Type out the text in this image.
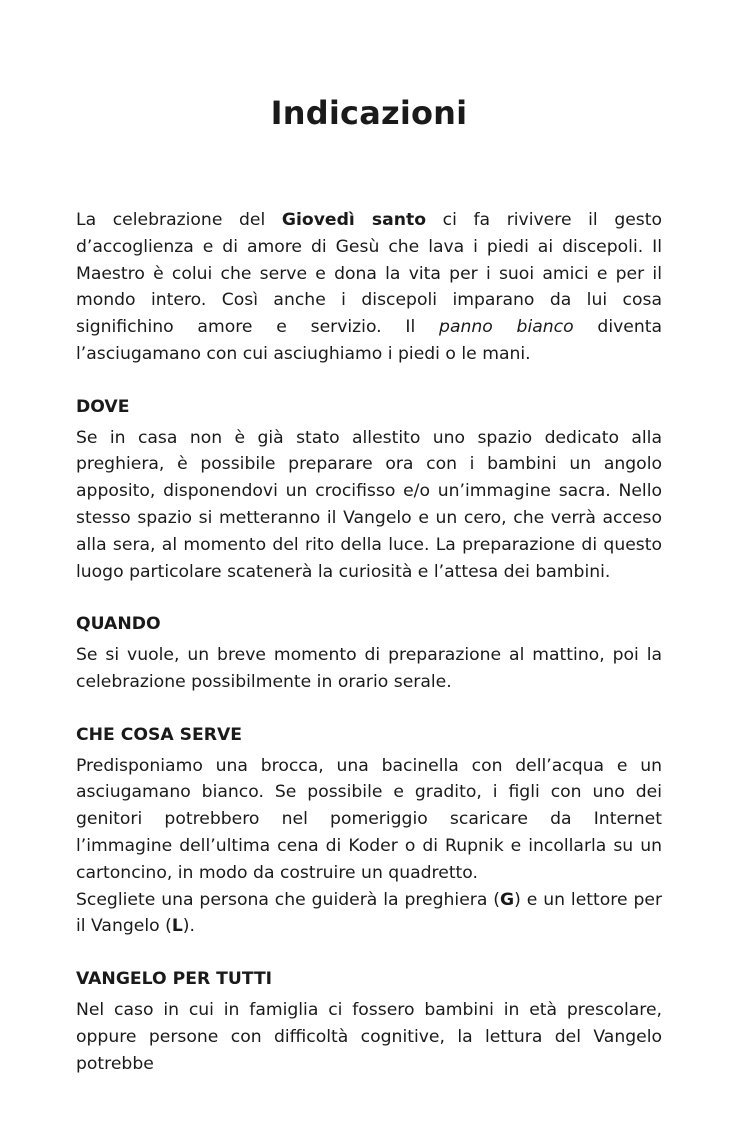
Indicazioni

La celebrazione del Giovedì santo ci fa rivivere il gesto d’accoglienza e di amore di Gesù che lava i piedi ai discepoli. Il Maestro è colui che serve e dona la vita per i suoi amici e per il mondo intero. Così anche i discepoli imparano da lui cosa significhino amore e servizio. Il panno bianco diventa l’asciugamano con cui asciughiamo i piedi o le mani.

DOVE

Se in casa non è già stato allestito uno spazio dedicato alla preghiera, è possibile preparare ora con i bambini un angolo apposito, disponendovi un crocifisso e/o un’immagine sacra. Nello stesso spazio si metteranno il Vangelo e un cero, che verrà acceso alla sera, al momento del rito della luce. La preparazione di questo luogo particolare scatenerà la curiosità e l’attesa dei bambini.

QUANDO

Se si vuole, un breve momento di preparazione al mattino, poi la celebrazione possibilmente in orario serale.

CHE COSA SERVE

Predisponiamo una brocca, una bacinella con dell’acqua e un asciugamano bianco. Se possibile e gradito, i figli con uno dei genitori potrebbero nel pomeriggio scaricare da Internet l’immagine dell’ultima cena di Koder o di Rupnik e incollarla su un cartoncino, in modo da costruire un quadretto.

Scegliete una persona che guiderà la preghiera (G) e un lettore per il Vangelo (L).

VANGELO PER TUTTI

Nel caso in cui in famiglia ci fossero bambini in età prescolare, oppure persone con difficoltà cognitive, la lettura del Vangelo potrebbe
